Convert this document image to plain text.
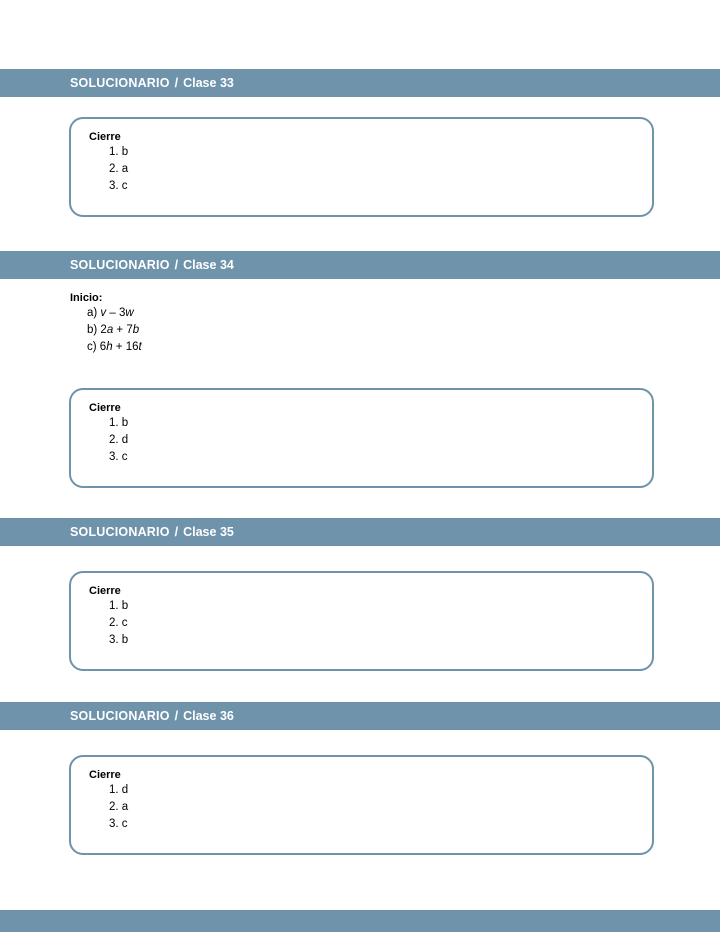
SOLUCIONARIO / Clase 33
Cierre
1. b
2. a
3. c
SOLUCIONARIO / Clase 34
Inicio:
a) v – 3w
b) 2a + 7b
c) 6h + 16t
Cierre
1. b
2. d
3. c
SOLUCIONARIO / Clase 35
Cierre
1. b
2. c
3. b
SOLUCIONARIO / Clase 36
Cierre
1. d
2. a
3. c
